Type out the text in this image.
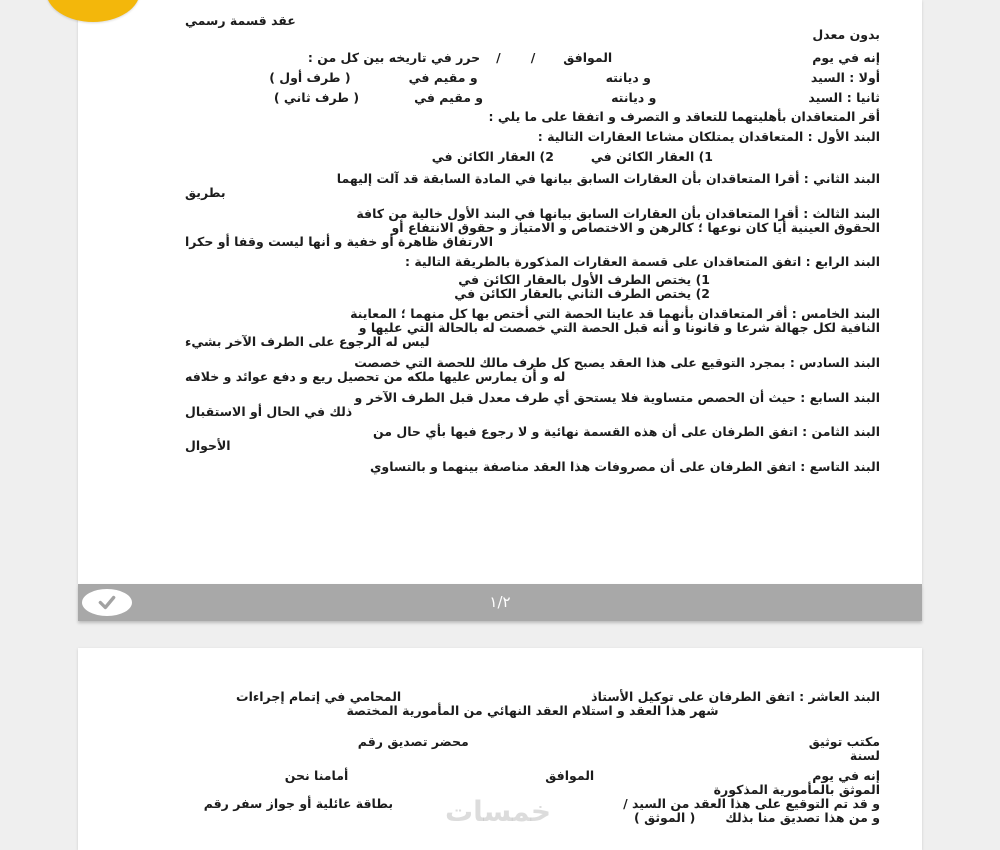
عقد قسمة رسمي
بدون معدل
إنه في يوم
الموافق
/
/
حرر في تاريخه بين كل من :
أولا : السيد
و ديانته
و مقيم في
( طرف أول )
ثانيا : السيد
و ديانته
و مقيم في
( طرف ثاني )
أقر المتعاقدان بأهليتهما للتعاقد و التصرف و اتفقا على ما يلي :
البند الأول : المتعاقدان يمتلكان مشاعا العقارات التالية :
1) العقار الكائن في
2) العقار الكائن في
البند الثاني : أقرا المتعاقدان بأن العقارات السابق بيانها في المادة السابقة قد آلت إليهما
بطريق
البند الثالث : أقرا المتعاقدان بأن العقارات السابق بيانها في البند الأول خالية من كافة
الحقوق العينية أيا كان نوعها ؛ كالرهن و الاختصاص و الامتياز و حقوق الانتفاع أو
الارتفاق ظاهرة أو خفية و أنها ليست وقفا أو حكرا
البند الرابع : اتفق المتعاقدان على قسمة العقارات المذكورة بالطريقة التالية :
1) يختص الطرف الأول بالعقار الكائن في
2) يختص الطرف الثاني بالعقار الكائن في
البند الخامس : أقر المتعاقدان بأنهما قد عاينا الحصة التي أختص بها كل منهما ؛ المعاينة
النافية لكل جهالة شرعا و قانونا و أنه قبل الحصة التي خصصت له بالحالة التي عليها و
ليس له الرجوع على الطرف الآخر بشيء
البند السادس : بمجرد التوقيع على هذا العقد يصبح كل طرف مالك للحصة التي خصصت
له و أن يمارس عليها ملكه من تحصيل ريع و دفع عوائد و خلافه
البند السابع : حيث أن الحصص متساوية فلا يستحق أي طرف معدل قبل الطرف الآخر و
ذلك في الحال أو الاستقبال
البند الثامن : اتفق الطرفان على أن هذه القسمة نهائية و لا رجوع فيها بأي حال من
الأحوال
البند التاسع : اتفق الطرفان على أن مصروفات هذا العقد مناصفة بينهما و بالتساوي
١/٢
خمسات
البند العاشر : اتفق الطرفان على توكيل الأستاذ
المحامي في إتمام إجراءات
شهر هذا العقد و استلام العقد النهائي من المأمورية المختصة
مكتب توثيق
محضر تصديق رقم
لسنة
إنه في يوم
الموافق
أمامنا نحن
الموثق بالمأمورية المذكورة
و قد تم التوقيع على هذا العقد من السيد /
بطاقة عائلية أو جواز سفر رقم
و من هذا تصديق منا بذلك
( الموثق )
